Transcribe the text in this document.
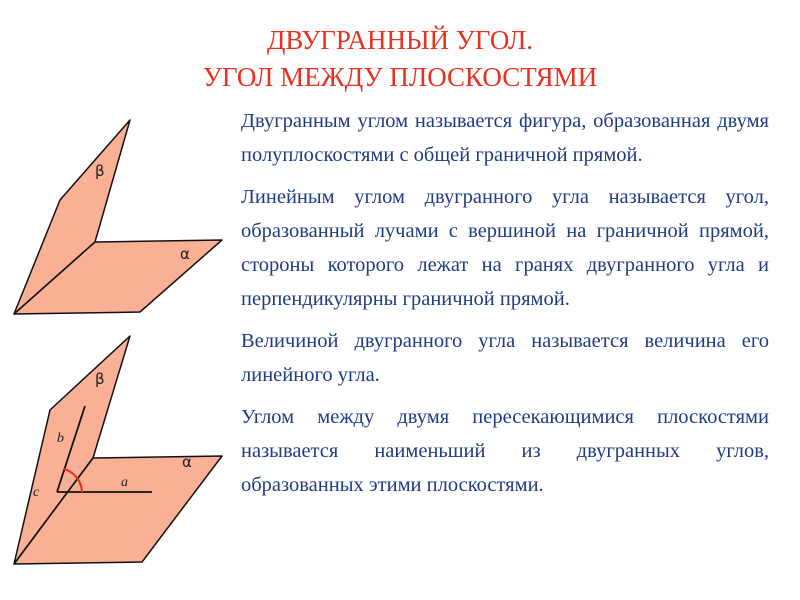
ДВУГРАННЫЙ УГОЛ.
УГОЛ МЕЖДУ ПЛОСКОСТЯМИ
β
α
β
α
a
b
c

Двугранным углом называется фигура, образованная двумя полуплоскостями с общей граничной прямой.

Линейным углом двугранного угла называется угол, образованный лучами с вершиной на граничной прямой, стороны которого лежат на гранях двугранного угла и перпендикулярны граничной прямой.

Величиной двугранного угла называется величина его линейного угла.

Углом между двумя пересекающимися плоскостями называется наименьший из двугранных углов, образованных этими плоскостями.
